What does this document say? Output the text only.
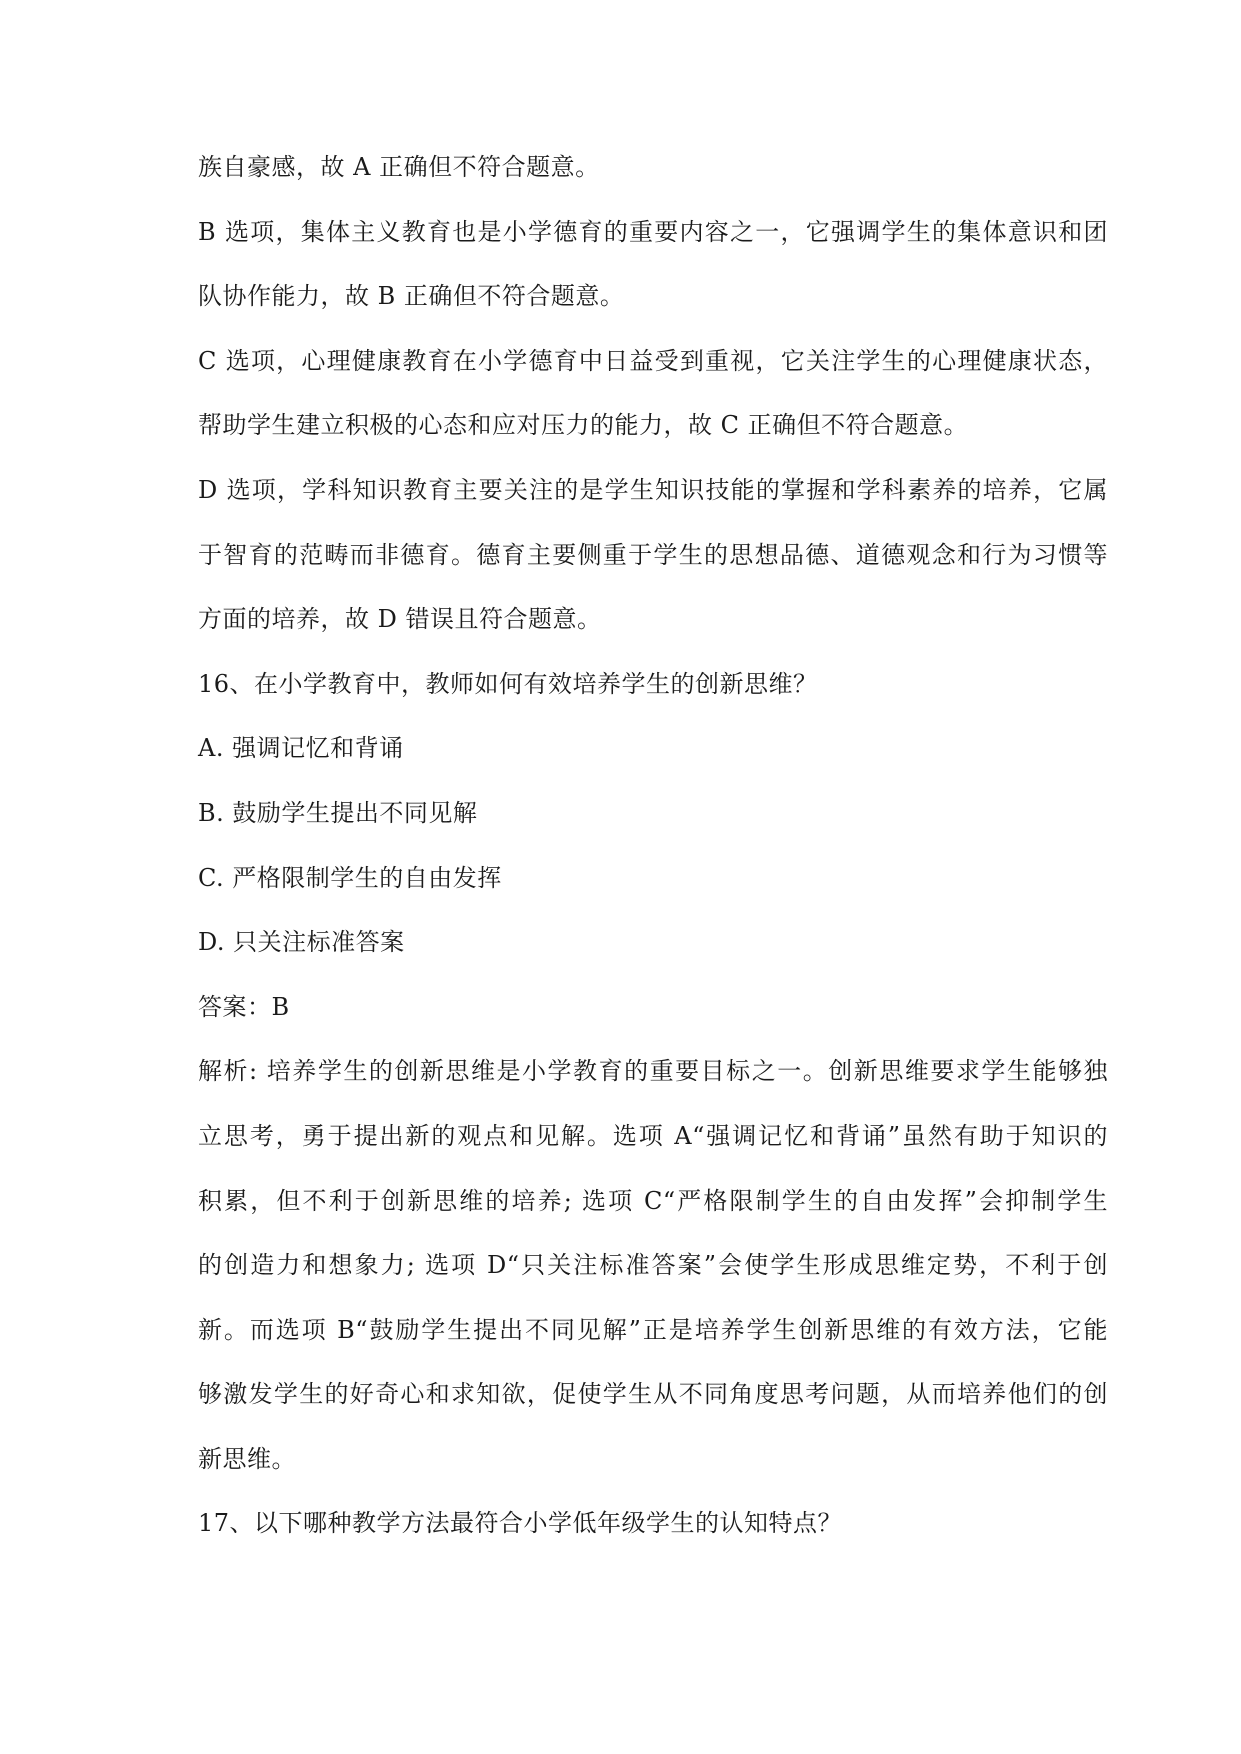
族自豪感，故 A 正确但不符合题意。
B 选项，集体主义教育也是小学德育的重要内容之一，它强调学生的集体意识和团
队协作能力，故 B 正确但不符合题意。
C 选项，心理健康教育在小学德育中日益受到重视，它关注学生的心理健康状态，
帮助学生建立积极的心态和应对压力的能力，故 C 正确但不符合题意。
D 选项，学科知识教育主要关注的是学生知识技能的掌握和学科素养的培养，它属
于智育的范畴而非德育。德育主要侧重于学生的思想品德、道德观念和行为习惯等
方面的培养，故 D 错误且符合题意。
16、在小学教育中，教师如何有效培养学生的创新思维？
A. 强调记忆和背诵
B. 鼓励学生提出不同见解
C. 严格限制学生的自由发挥
D. 只关注标准答案
答案：B
解析: 培养学生的创新思维是小学教育的重要目标之一。创新思维要求学生能够独
立思考，勇于提出新的观点和见解。选项 A“强调记忆和背诵”虽然有助于知识的
积累，但不利于创新思维的培养; 选项 C“严格限制学生的自由发挥”会抑制学生
的创造力和想象力; 选项 D“只关注标准答案”会使学生形成思维定势，不利于创
新。而选项 B“鼓励学生提出不同见解”正是培养学生创新思维的有效方法，它能
够激发学生的好奇心和求知欲，促使学生从不同角度思考问题，从而培养他们的创
新思维。
17、以下哪种教学方法最符合小学低年级学生的认知特点？
